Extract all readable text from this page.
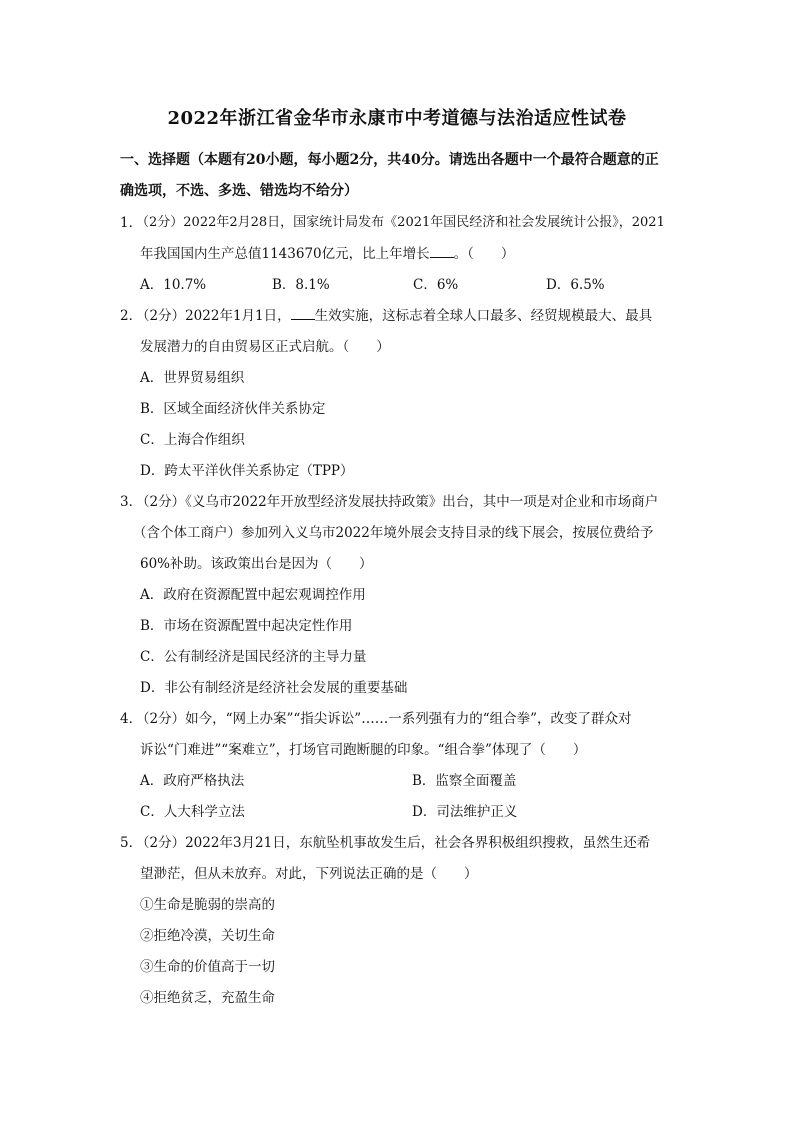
2022年浙江省金华市永康市中考道德与法治适应性试卷
一、选择题（本题有20小题，每小题2分，共40分。请选出各题中一个最符合题意的正
确选项，不选、多选、错选均不给分）
1．
（2分）2022年2月28日，国家统计局发布《2021年国民经济和社会发展统计公报》，2021
年我国国内生产总值1143670亿元，比上年增长 。（　　）
A．10.7%	B．8.1%	C．6%	D．6.5%
2．
（2分）2022年1月1日， 生效实施，这标志着全球人口最多、经贸规模最大、最具
发展潜力的自由贸易区正式启航。（　　）
A．世界贸易组织
B．区域全面经济伙伴关系协定
C．上海合作组织
D．跨太平洋伙伴关系协定（TPP）
3．
（2分）《义乌市2022年开放型经济发展扶持政策》出台，其中一项是对企业和市场商户
（含个体工商户）参加列入义乌市2022年境外展会支持目录的线下展会，按展位费给予
60%补助。该政策出台是因为（　　）
A．政府在资源配置中起宏观调控作用
B．市场在资源配置中起决定性作用
C．公有制经济是国民经济的主导力量
D．非公有制经济是经济社会发展的重要基础
4．
（2分）如今，“网上办案”“指尖诉讼”……一系列强有力的“组合拳”，改变了群众对
诉讼“门难进”“案难立”，打场官司跑断腿的印象。“组合拳”体现了（　　）
A．政府严格执法	B．监察全面覆盖
C．人大科学立法	D．司法维护正义
5．
（2分）2022年3月21日，东航坠机事故发生后，社会各界积极组织搜救，虽然生还希
望渺茫，但从未放弃。对此，下列说法正确的是（　　）
①生命是脆弱的崇高的
②拒绝冷漠，关切生命
③生命的价值高于一切
④拒绝贫乏，充盈生命
